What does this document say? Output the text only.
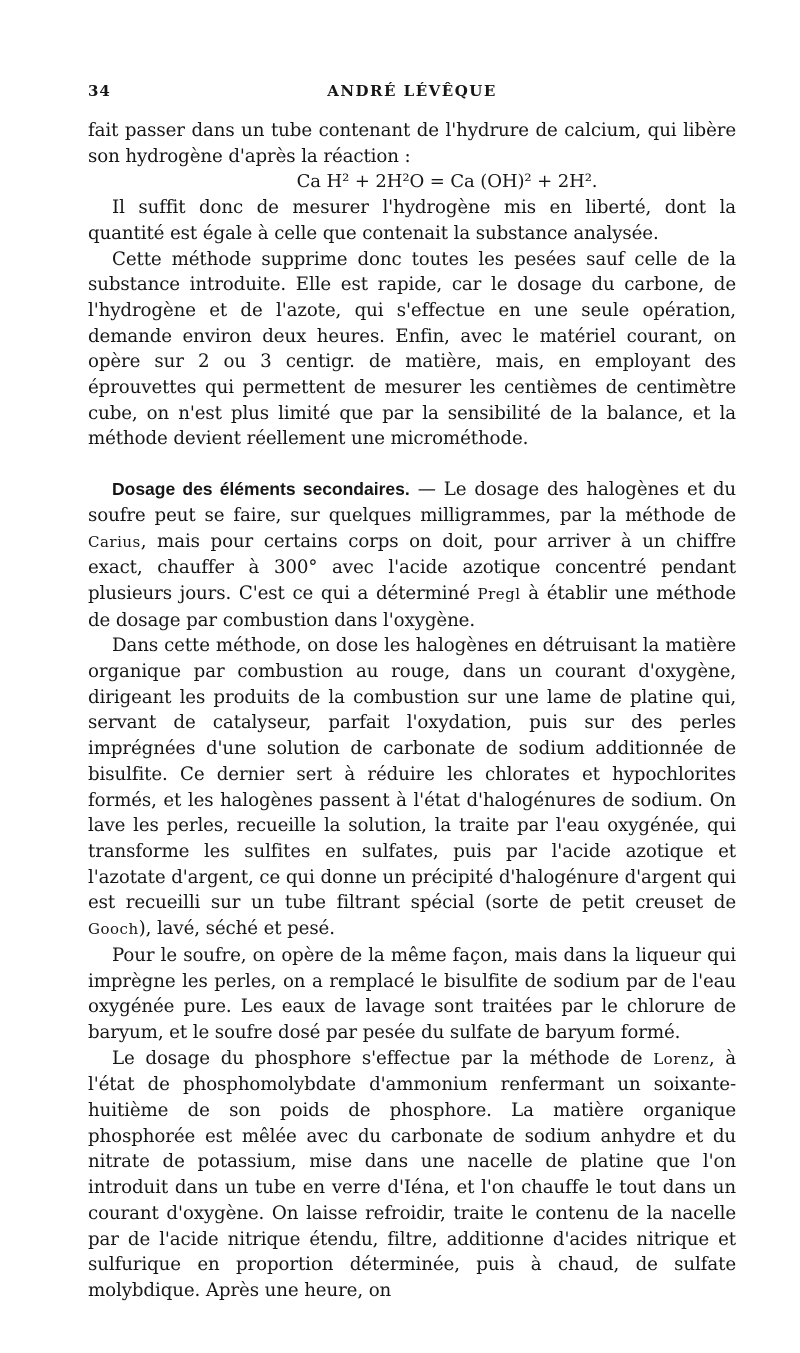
34	ANDRÉ LÉVÊQUE

fait passer dans un tube contenant de l'hydrure de calcium, qui libère son hydrogène d'après la réaction :

Ca H² + 2H²O = Ca (OH)² + 2H².

Il suffit donc de mesurer l'hydrogène mis en liberté, dont la quantité est égale à celle que contenait la substance analysée.

Cette méthode supprime donc toutes les pesées sauf celle de la substance introduite. Elle est rapide, car le dosage du carbone, de l'hydrogène et de l'azote, qui s'effectue en une seule opération, demande environ deux heures. Enfin, avec le matériel courant, on opère sur 2 ou 3 centigr. de matière, mais, en employant des éprouvettes qui permettent de mesurer les centièmes de centimètre cube, on n'est plus limité que par la sensibilité de la balance, et la méthode devient réellement une microméthode.

Dosage des éléments secondaires. — Le dosage des halogènes et du soufre peut se faire, sur quelques milligrammes, par la méthode de Carius, mais pour certains corps on doit, pour arriver à un chiffre exact, chauffer à 300° avec l'acide azotique concentré pendant plusieurs jours. C'est ce qui a déterminé Pregl à établir une méthode de dosage par combustion dans l'oxygène.

Dans cette méthode, on dose les halogènes en détruisant la matière organique par combustion au rouge, dans un courant d'oxygène, dirigeant les produits de la combustion sur une lame de platine qui, servant de catalyseur, parfait l'oxydation, puis sur des perles imprégnées d'une solution de carbonate de sodium additionnée de bisulfite. Ce dernier sert à réduire les chlorates et hypochlorites formés, et les halogènes passent à l'état d'halogénures de sodium. On lave les perles, recueille la solution, la traite par l'eau oxygénée, qui transforme les sulfites en sulfates, puis par l'acide azotique et l'azotate d'argent, ce qui donne un précipité d'halogénure d'argent qui est recueilli sur un tube filtrant spécial (sorte de petit creuset de Gooch), lavé, séché et pesé.

Pour le soufre, on opère de la même façon, mais dans la liqueur qui imprègne les perles, on a remplacé le bisulfite de sodium par de l'eau oxygénée pure. Les eaux de lavage sont traitées par le chlorure de baryum, et le soufre dosé par pesée du sulfate de baryum formé.

Le dosage du phosphore s'effectue par la méthode de Lorenz, à l'état de phosphomolybdate d'ammonium renfermant un soixante-huitième de son poids de phosphore. La matière organique phosphorée est mêlée avec du carbonate de sodium anhydre et du nitrate de potassium, mise dans une nacelle de platine que l'on introduit dans un tube en verre d'Iéna, et l'on chauffe le tout dans un courant d'oxygène. On laisse refroidir, traite le contenu de la nacelle par de l'acide nitrique étendu, filtre, additionne d'acides nitrique et sulfurique en proportion déterminée, puis à chaud, de sulfate molybdique. Après une heure, on
